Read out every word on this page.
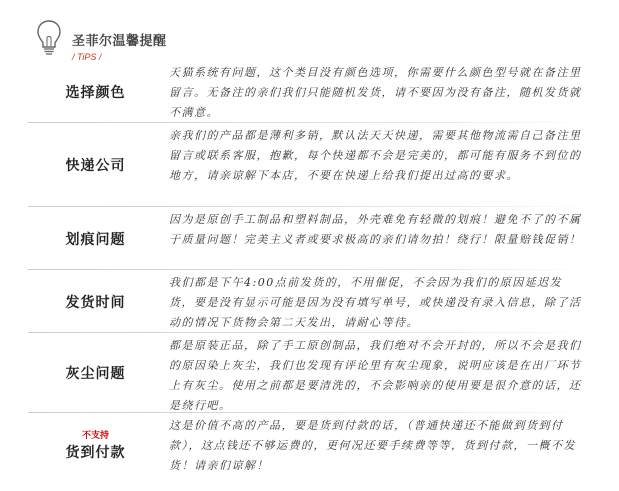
圣菲尔温馨提醒
/ TiPS /
选择颜色
天猫系统有问题，这个类目没有颜色选项，你需要什么颜色型号就在备注里留言。无备注的亲们我们只能随机发货，请不要因为没有备注，随机发货就不满意。
快递公司
亲我们的产品都是薄利多销，默认法天天快递，需要其他物流需自己备注里留言或联系客服，抱歉，每个快递都不会是完美的，都可能有服务不到位的地方，请亲谅解下本店，不要在快递上给我们提出过高的要求。
划痕问题
因为是原创手工制品和塑料制品，外壳难免有轻微的划痕！避免不了的不属于质量问题！完美主义者或要求极高的亲们请勿拍！绕行！限量赔钱促销！
发货时间
我们都是下午4:00点前发货的，不用催促，不会因为我们的原因延迟发货，要是没有显示可能是因为没有填写单号，或快递没有录入信息，除了活动的情况下货物会第二天发出，请耐心等待。
灰尘问题
都是原装正品，除了手工原创制品，我们绝对不会开封的，所以不会是我们的原因染上灰尘，我们也发现有评论里有灰尘现象，说明应该是在出厂环节上有灰尘。使用之前都是要清洗的，不会影响亲的使用要是很介意的话，还是绕行吧。
不支持
货到付款
这是价值不高的产品，要是货到付款的话，（普通快递还不能做到货到付款），这点钱还不够运费的，更何况还要手续费等等，货到付款，一概不发货！请亲们谅解！
